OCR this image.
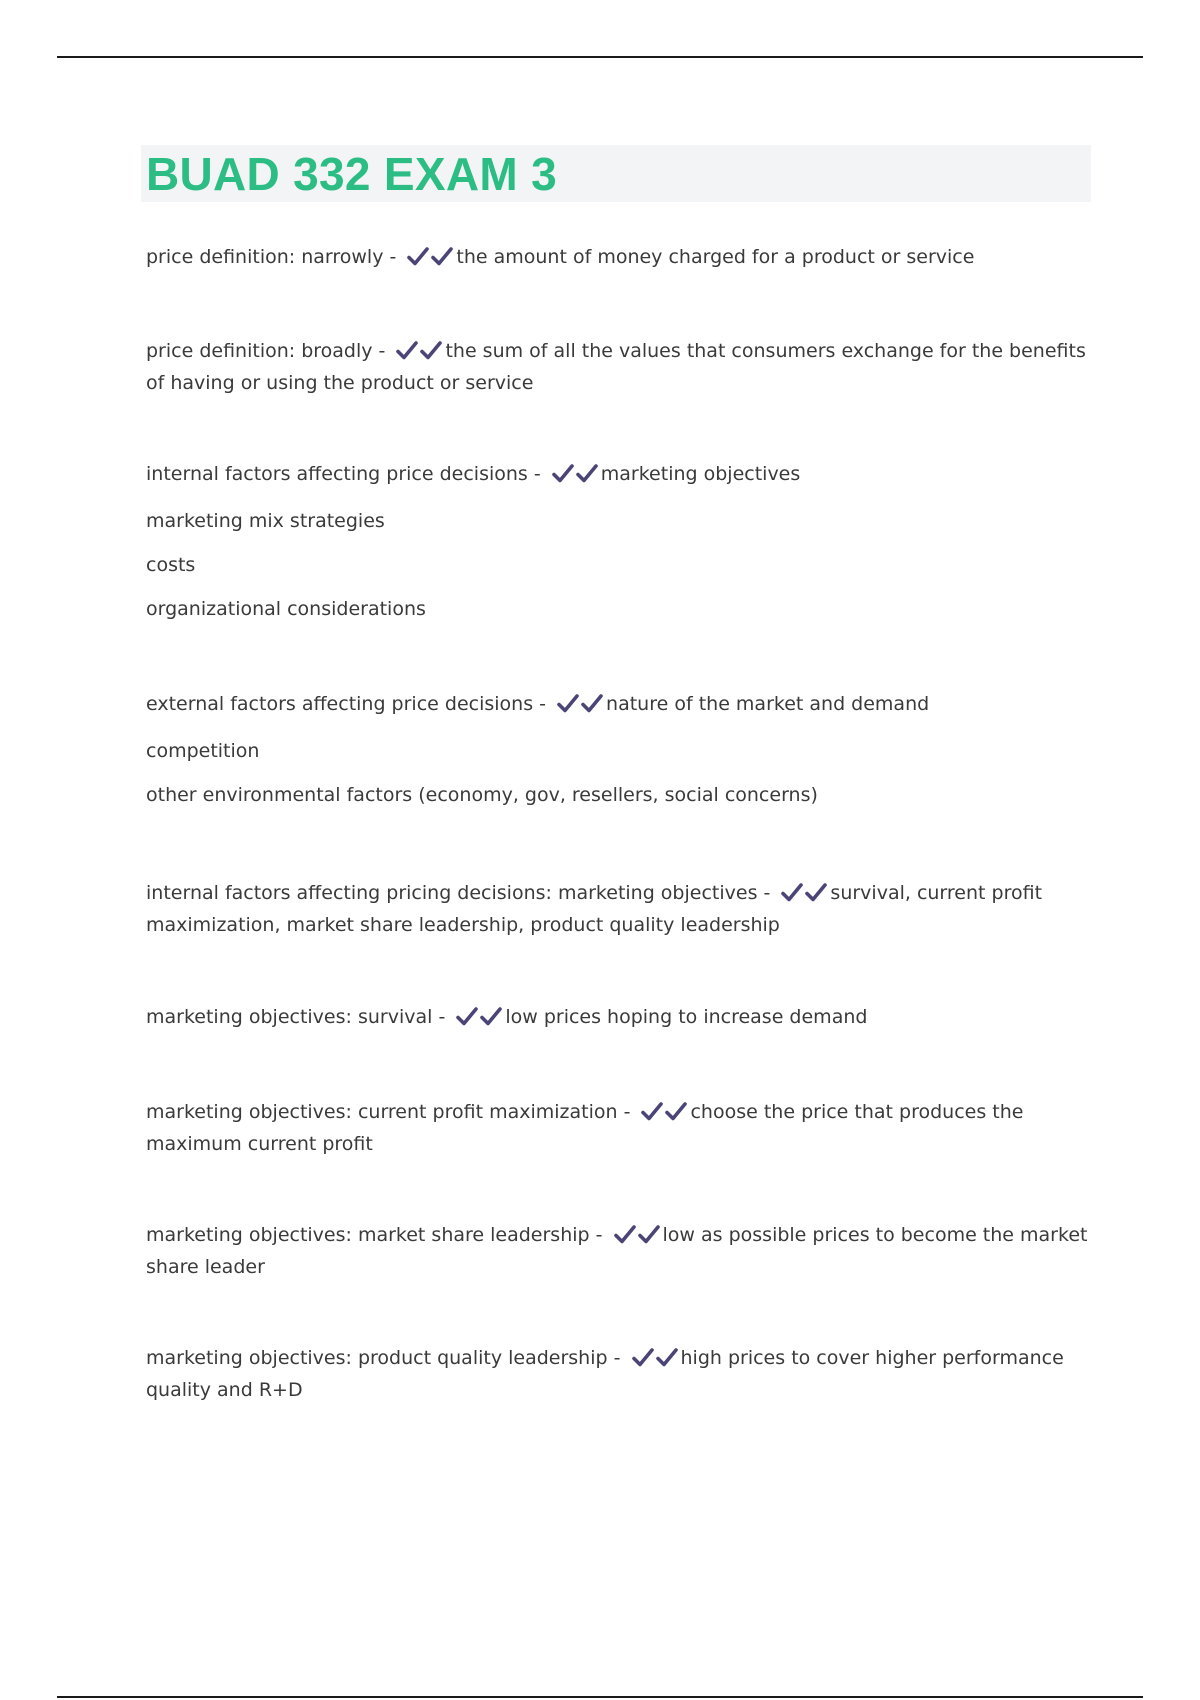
BUAD 332 EXAM 3
price definition: narrowly -	the amount of money charged for a product or service
price definition: broadly -	the sum of all the values that consumers exchange for the benefits of having or using the product or service
internal factors affecting price decisions -	marketing objectives
marketing mix strategies
costs
organizational considerations
external factors affecting price decisions -	nature of the market and demand
competition
other environmental factors (economy, gov, resellers, social concerns)
internal factors affecting pricing decisions: marketing objectives -	survival, current profit maximization, market share leadership, product quality leadership
marketing objectives: survival -	low prices hoping to increase demand
marketing objectives: current profit maximization -	choose the price that produces the maximum current profit
marketing objectives: market share leadership -	low as possible prices to become the market share leader
marketing objectives: product quality leadership -	high prices to cover higher performance quality and R+D
